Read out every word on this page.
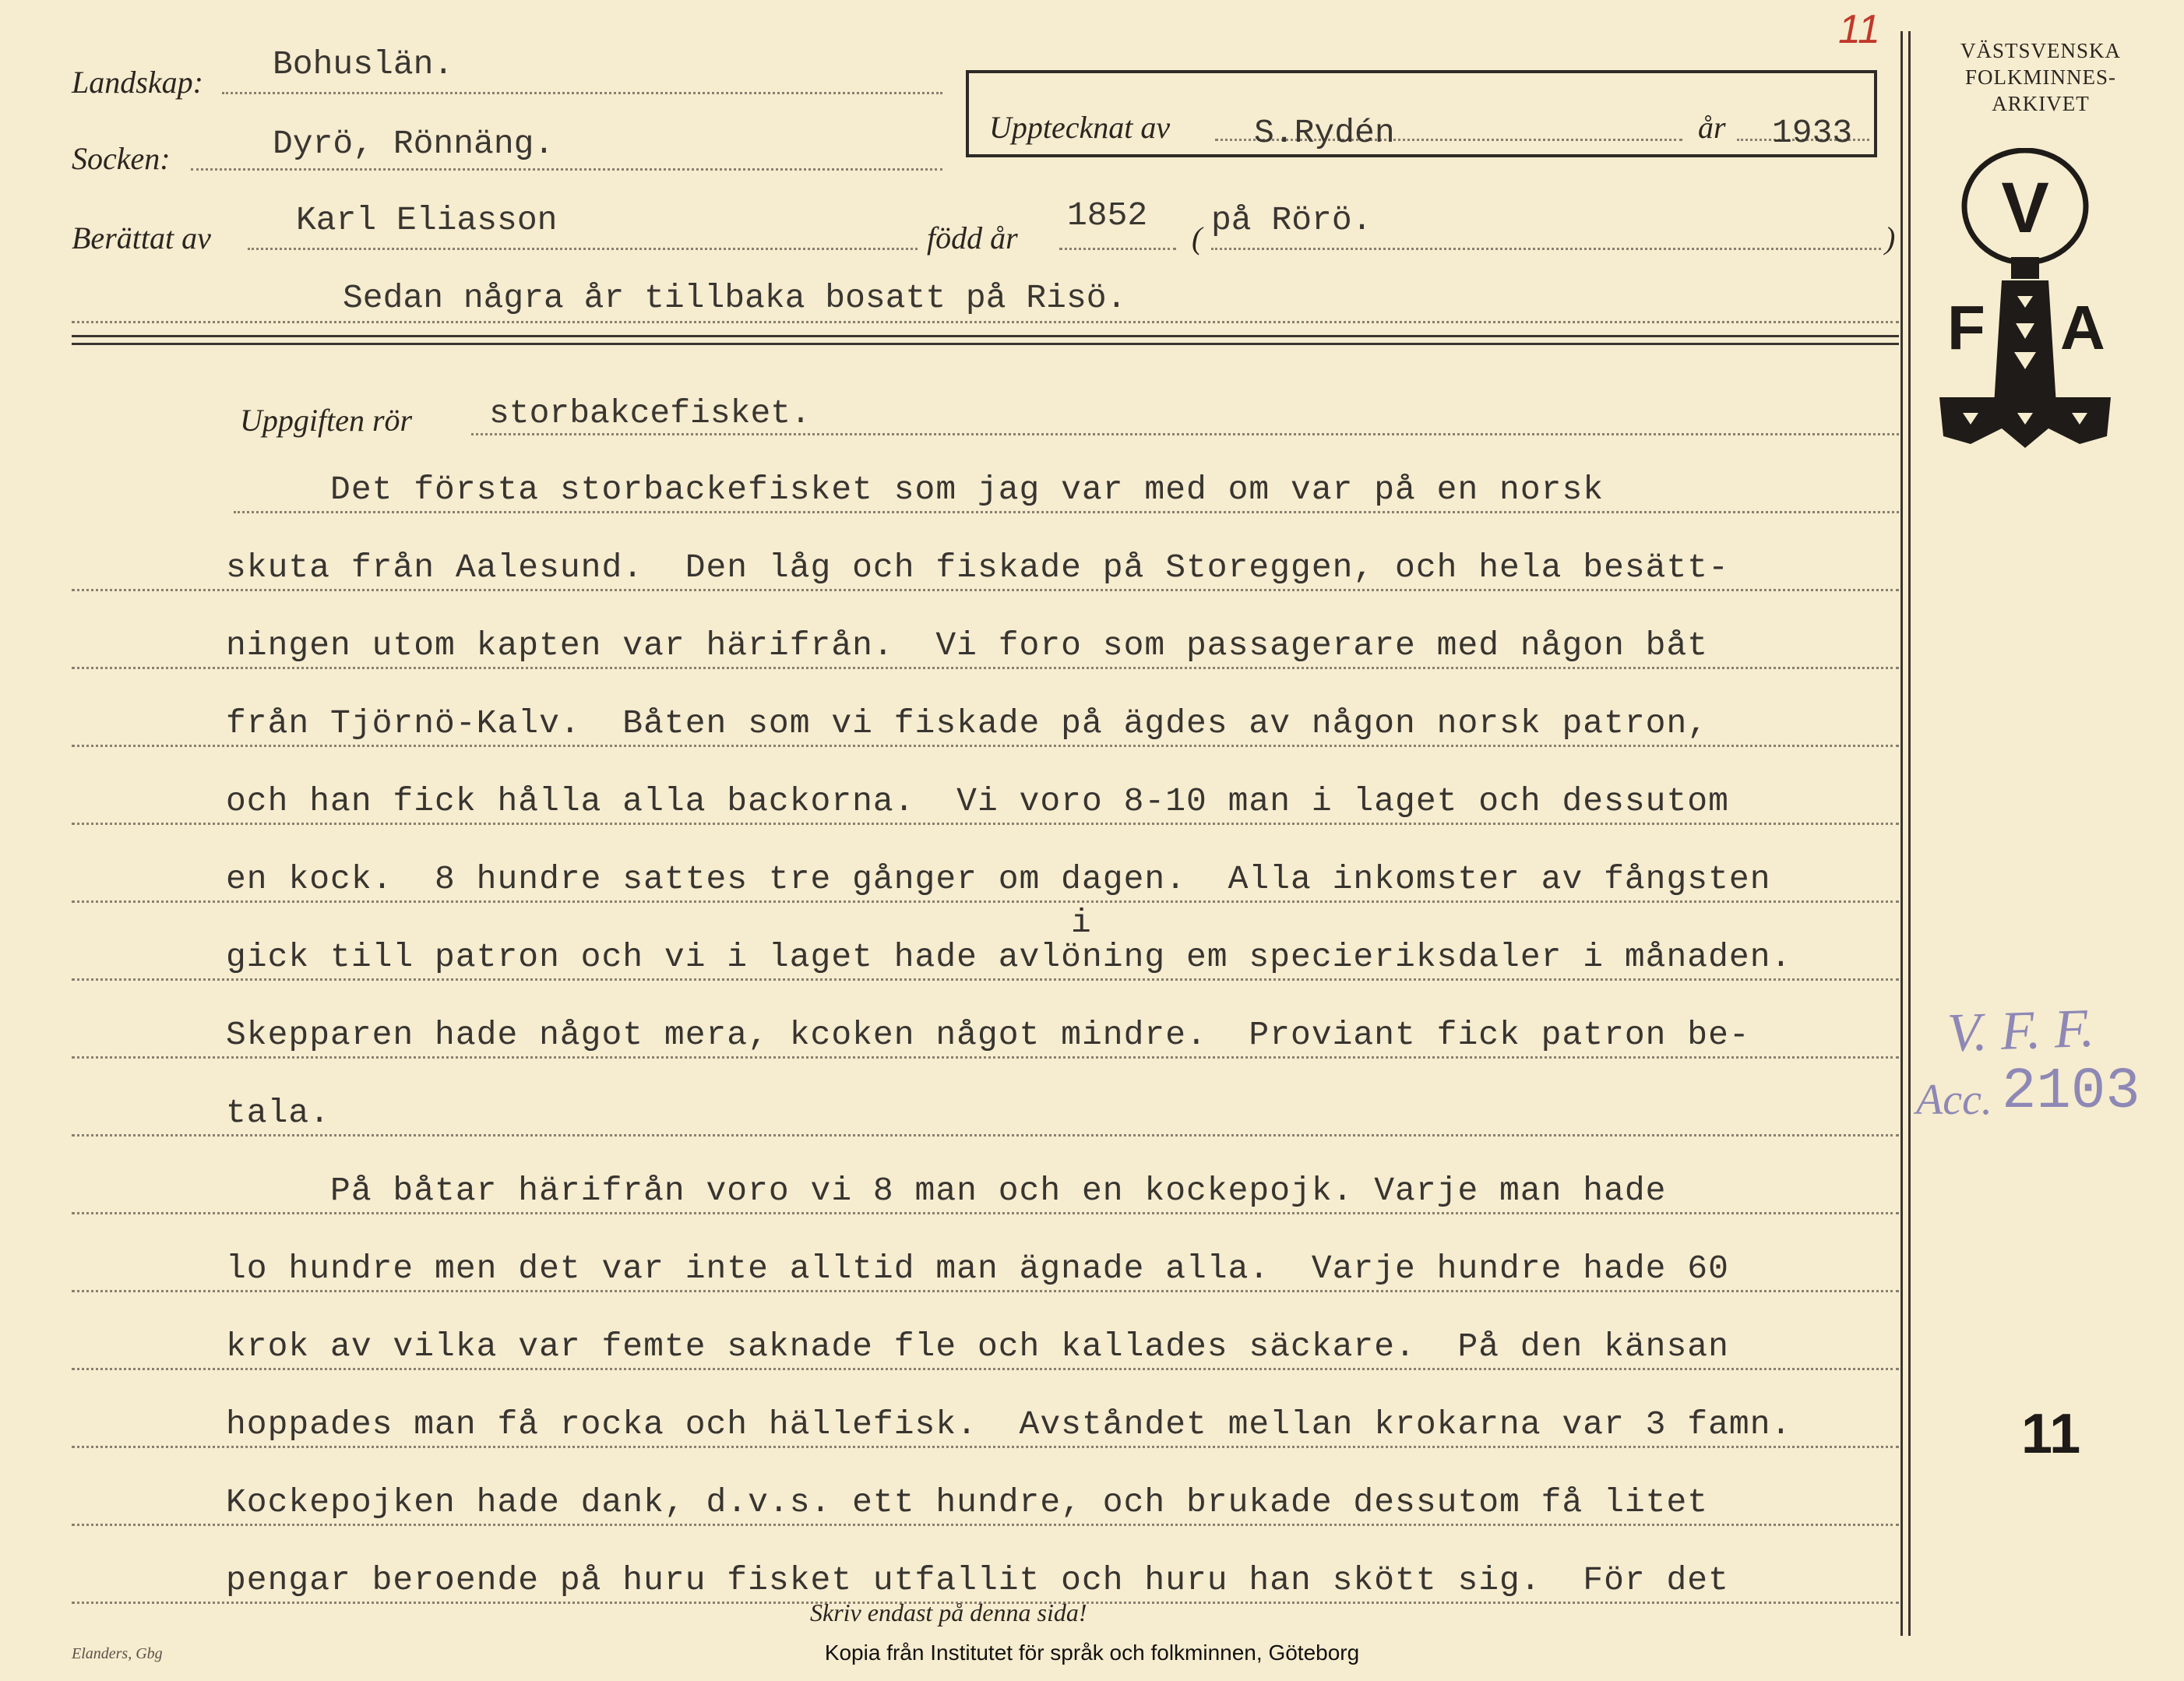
Landskap: Bohuslän.
Socken:	Dyrö, Rönnäng.
Berättat av	Karl Eliasson	född år
1852
( på Rörö.	)
Sedan några år tillbaka bosatt på Risö.
Upptecknat av	S.Rydén	år 1933
11	VÄSTSVENSKA
FOLKMINNES-
ARKIVET
V
F A
Uppgiften rör storbakcefisket.
Det första storbackefisket som jag var med om var på en norsk
skuta från Aalesund.  Den låg och fiskade på Storeggen, och hela besätt-
ningen utom kapten var härifrån.  Vi foro som passagerare med någon båt
från Tjörnö-Kalv.  Båten som vi fiskade på ägdes av någon norsk patron,
och han fick hålla alla backorna.  Vi voro 8-10 man i laget och dessutom
en kock.  8 hundre sattes tre gånger om dagen.  Alla inkomster av fångsten
i
gick till patron och vi i laget hade avlöning em specieriksdaler i månaden.
Skepparen hade något mera, kcoken något mindre.  Proviant fick patron be-
tala.
På båtar härifrån voro vi 8 man och en kockepojk. Varje man hade
lo hundre men det var inte alltid man ägnade alla.  Varje hundre hade 60
krok av vilka var femte saknade fle och kallades säckare.  På den känsan
hoppades man få rocka och hällefisk.  Avståndet mellan krokarna var 3 famn.
Kockepojken hade dank, d.v.s. ett hundre, och brukade dessutom få litet
pengar beroende på huru fisket utfallit och huru han skött sig.  För det
V. F. F.
Acc. 2103
11
Skriv endast på denna sida!
Elanders, Gbg	Kopia från Institutet för språk och folkminnen, Göteborg
